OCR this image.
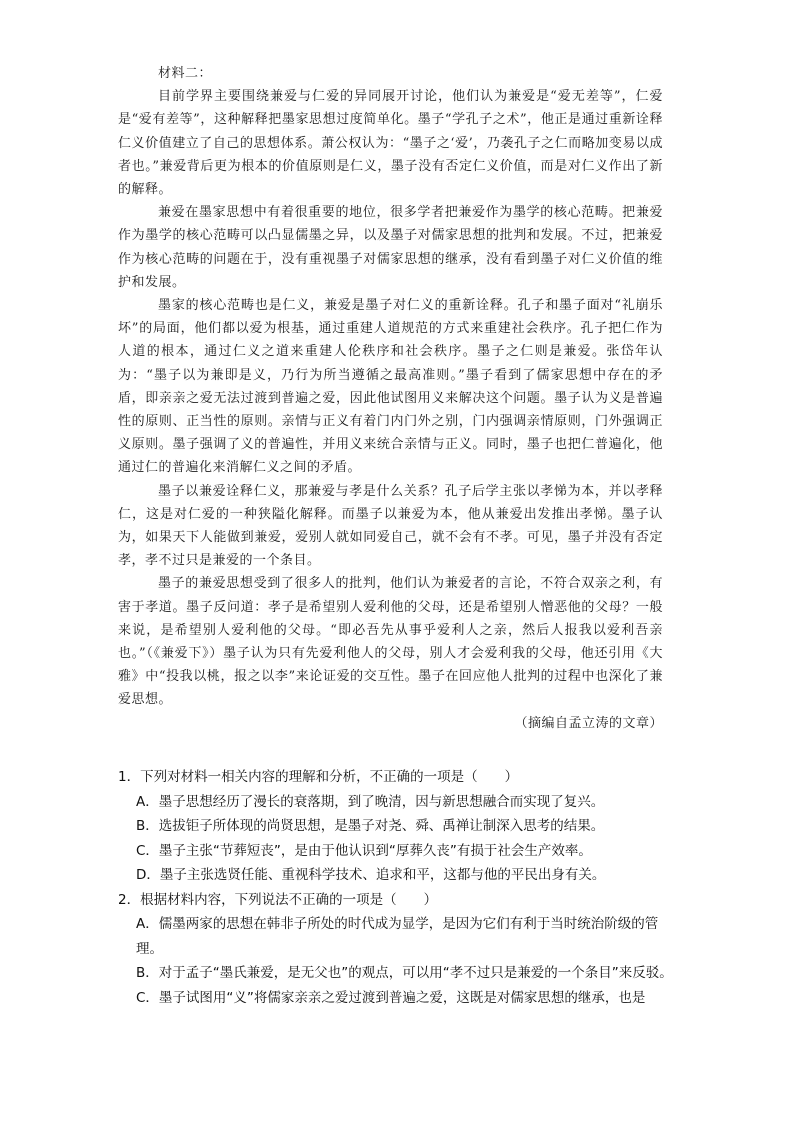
材料二：

目前学界主要围绕兼爱与仁爱的异同展开讨论，他们认为兼爱是“爱无差等”，仁爱是“爱有差等”，这种解释把墨家思想过度简单化。墨子“学孔子之术”，他正是通过重新诠释仁义价值建立了自己的思想体系。萧公权认为：“墨子之‘爱’，乃袭孔子之仁而略加变易以成者也。”兼爱背后更为根本的价值原则是仁义，墨子没有否定仁义价值，而是对仁义作出了新的解释。

兼爱在墨家思想中有着很重要的地位，很多学者把兼爱作为墨学的核心范畴。把兼爱作为墨学的核心范畴可以凸显儒墨之异，以及墨子对儒家思想的批判和发展。不过，把兼爱作为核心范畴的问题在于，没有重视墨子对儒家思想的继承，没有看到墨子对仁义价值的维护和发展。

墨家的核心范畴也是仁义，兼爱是墨子对仁义的重新诠释。孔子和墨子面对“礼崩乐坏”的局面，他们都以爱为根基，通过重建人道规范的方式来重建社会秩序。孔子把仁作为人道的根本，通过仁义之道来重建人伦秩序和社会秩序。墨子之仁则是兼爱。张岱年认为：“墨子以为兼即是义，乃行为所当遵循之最高准则。”墨子看到了儒家思想中存在的矛盾，即亲亲之爱无法过渡到普遍之爱，因此他试图用义来解决这个问题。墨子认为义是普遍性的原则、正当性的原则。亲情与正义有着门内门外之别，门内强调亲情原则，门外强调正义原则。墨子强调了义的普遍性，并用义来统合亲情与正义。同时，墨子也把仁普遍化，他通过仁的普遍化来消解仁义之间的矛盾。

墨子以兼爱诠释仁义，那兼爱与孝是什么关系？孔子后学主张以孝悌为本，并以孝释仁，这是对仁爱的一种狭隘化解释。而墨子以兼爱为本，他从兼爱出发推出孝悌。墨子认为，如果天下人能做到兼爱，爱别人就如同爱自己，就不会有不孝。可见，墨子并没有否定孝，孝不过只是兼爱的一个条目。

墨子的兼爱思想受到了很多人的批判，他们认为兼爱者的言论，不符合双亲之利，有害于孝道。墨子反问道：孝子是希望别人爱利他的父母，还是希望别人憎恶他的父母？一般来说，是希望别人爱利他的父母。“即必吾先从事乎爱利人之亲，然后人报我以爱利吾亲也。”（《兼爱下》）墨子认为只有先爱利他人的父母，别人才会爱利我的父母，他还引用《大雅》中“投我以桃，报之以李”来论证爱的交互性。墨子在回应他人批判的过程中也深化了兼爱思想。

（摘编自孟立涛的文章）

1．下列对材料一相关内容的理解和分析，不正确的一项是（　　）

A．墨子思想经历了漫长的衰落期，到了晚清，因与新思想融合而实现了复兴。

B．选拔钜子所体现的尚贤思想，是墨子对尧、舜、禹禅让制深入思考的结果。

C．墨子主张“节葬短丧”，是由于他认识到“厚葬久丧”有损于社会生产效率。

D．墨子主张选贤任能、重视科学技术、追求和平，这都与他的平民出身有关。

2．根据材料内容，下列说法不正确的一项是（　　）

A．儒墨两家的思想在韩非子所处的时代成为显学，是因为它们有利于当时统治阶级的管理。

B．对于孟子“墨氏兼爱，是无父也”的观点，可以用“孝不过只是兼爱的一个条目”来反驳。

C．墨子试图用“义”将儒家亲亲之爱过渡到普遍之爱，这既是对儒家思想的继承，也是
